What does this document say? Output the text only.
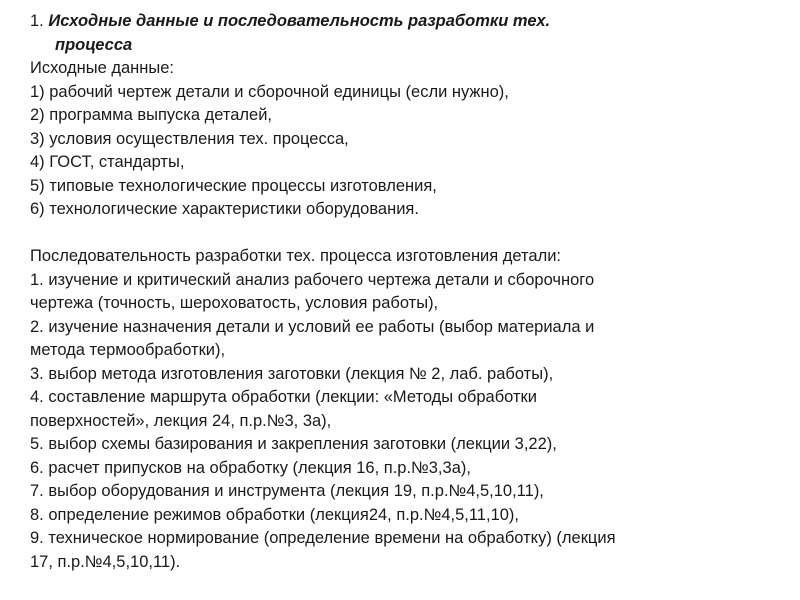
1. Исходные данные и последовательность разработки тех.
процесса
Исходные данные:
1) рабочий чертеж детали и сборочной единицы (если нужно),
2) программа выпуска деталей,
3) условия осуществления тех. процесса,
4) ГОСТ, стандарты,
5) типовые технологические процессы изготовления,
6) технологические характеристики оборудования.
Последовательность разработки тех. процесса изготовления детали:
1. изучение и критический анализ рабочего чертежа детали и сборочного
чертежа (точность, шероховатость, условия работы),
2. изучение назначения детали и условий ее работы (выбор материала и
метода термообработки),
3. выбор метода изготовления заготовки (лекция № 2, лаб. работы),
4. составление маршрута обработки (лекции: «Методы обработки
поверхностей», лекция 24, п.р.№3, 3а),
5. выбор схемы базирования и закрепления заготовки (лекции 3,22),
6. расчет припусков на обработку (лекция 16, п.р.№3,3а),
7. выбор оборудования и инструмента (лекция 19, п.р.№4,5,10,11),
8. определение режимов обработки (лекция24, п.р.№4,5,11,10),
9. техническое нормирование (определение времени на обработку) (лекция
17, п.р.№4,5,10,11).
